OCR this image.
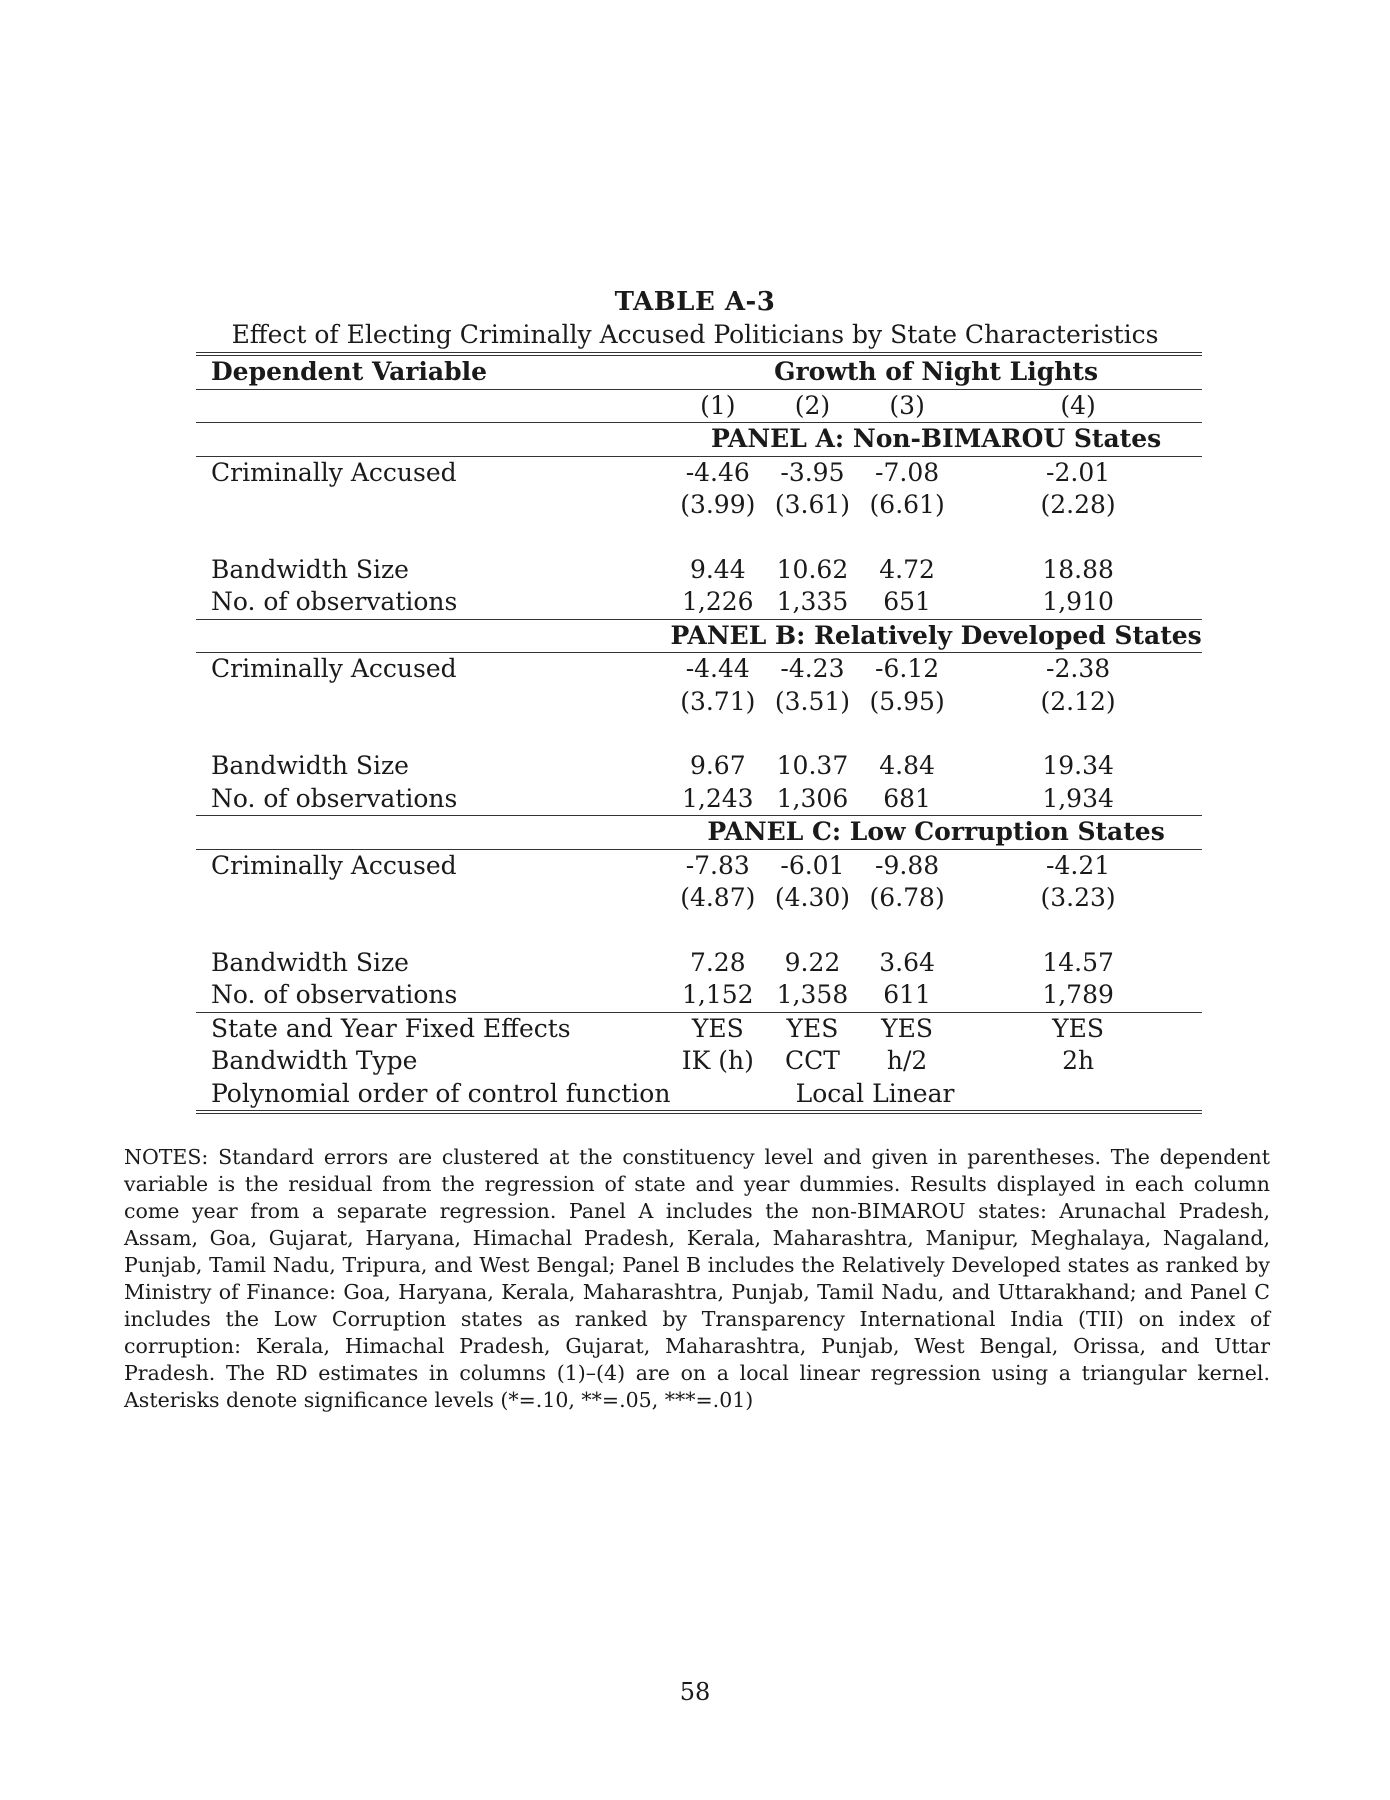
TABLE A-3
Effect of Electing Criminally Accused Politicians by State Characteristics
Dependent Variable	Growth of Night Lights			
	(1)	(2)	(3)	(4)
	PANEL A: Non-BIMAROU States			
Criminally Accused	-4.46	-3.95	-7.08	-2.01
	(3.99)	(3.61)	(6.61)	(2.28)

Bandwidth Size	9.44	10.62	4.72	18.88
No. of observations	1,226	1,335	651	1,910
	PANEL B: Relatively Developed States			
Criminally Accused	-4.44	-4.23	-6.12	-2.38
	(3.71)	(3.51)	(5.95)	(2.12)

Bandwidth Size	9.67	10.37	4.84	19.34
No. of observations	1,243	1,306	681	1,934
	PANEL C: Low Corruption States			
Criminally Accused	-7.83	-6.01	-9.88	-4.21
	(4.87)	(4.30)	(6.78)	(3.23)

Bandwidth Size	7.28	9.22	3.64	14.57
No. of observations	1,152	1,358	611	1,789
State and Year Fixed Effects	YES	YES	YES	YES
Bandwidth Type	IK (h)	CCT	h/2	2h
Polynomial order of control function	Local Linear			
NOTES: Standard errors are clustered at the constituency level and given in parentheses. The dependent variable is the residual from the regression of state and year dummies. Results displayed in each column come year from a separate regression. Panel A includes the non-BIMAROU states: Arunachal Pradesh, Assam, Goa, Gujarat, Haryana, Himachal Pradesh, Kerala, Maharashtra, Manipur, Meghalaya, Nagaland, Punjab, Tamil Nadu, Tripura, and West Bengal; Panel B includes the Relatively Developed states as ranked by Ministry of Finance: Goa, Haryana, Kerala, Maharashtra, Punjab, Tamil Nadu, and Uttarakhand; and Panel C includes the Low Corruption states as ranked by Transparency International India (TII) on index of corruption: Kerala, Himachal Pradesh, Gujarat, Maharashtra, Punjab, West Bengal, Orissa, and Uttar Pradesh. The RD estimates in columns (1)–(4) are on a local linear regression using a triangular kernel. Asterisks denote significance levels (*=.10, **=.05, ***=.01)
58
